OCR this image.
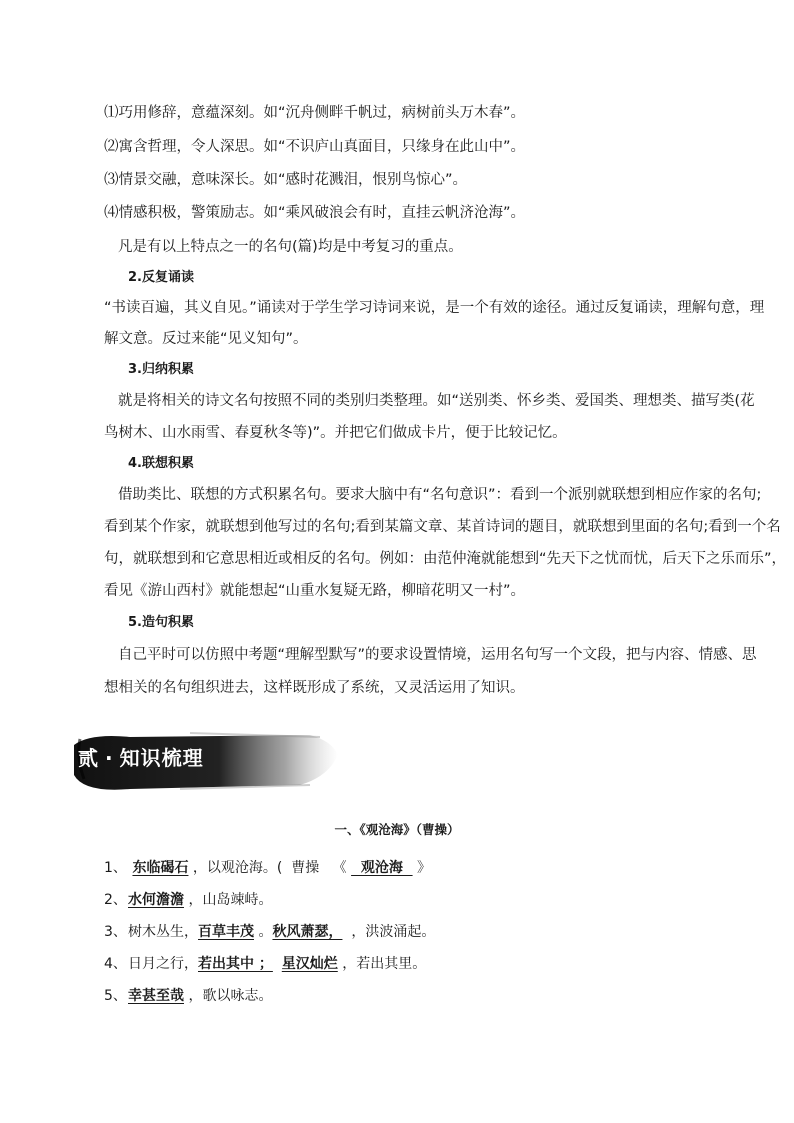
⑴巧用修辞，意蕴深刻。如“沉舟侧畔千帆过，病树前头万木春”。
⑵寓含哲理，令人深思。如“不识庐山真面目，只缘身在此山中”。
⑶情景交融，意味深长。如“感时花溅泪，恨别鸟惊心”。
⑷情感积极，警策励志。如“乘风破浪会有时，直挂云帆济沧海”。
凡是有以上特点之一的名句(篇)均是中考复习的重点。
2.反复诵读
“书读百遍，其义自见。”诵读对于学生学习诗词来说，是一个有效的途径。通过反复诵读，理解句意，理
解文意。反过来能“见义知句”。
3.归纳积累
就是将相关的诗文名句按照不同的类别归类整理。如“送别类、怀乡类、爱国类、理想类、描写类(花
鸟树木、山水雨雪、春夏秋冬等)”。并把它们做成卡片，便于比较记忆。
4.联想积累
借助类比、联想的方式积累名句。要求大脑中有“名句意识”：看到一个派别就联想到相应作家的名句;
看到某个作家，就联想到他写过的名句;看到某篇文章、某首诗词的题目，就联想到里面的名句;看到一个名
句，就联想到和它意思相近或相反的名句。例如：由范仲淹就能想到“先天下之忧而忧，后天下之乐而乐”，
看见《游山西村》就能想起“山重水复疑无路，柳暗花明又一村”。
5.造句积累
自己平时可以仿照中考题“理解型默写”的要求设置情境，运用名句写一个文段，把与内容、情感、思
想相关的名句组织进去，这样既形成了系统，又灵活运用了知识。
贰 · 知识梳理
一、《观沧海》（曹操）
1、 东临碣石 ，以观沧海。(  曹操   《   观沧海   》
2、水何澹澹 ，山岛竦峙。
3、树木丛生，百草丰茂 。秋风萧瑟，  ，洪波涌起。
4、日月之行，若出其中 ； 星汉灿烂 ，若出其里。
5、幸甚至哉 ，歌以咏志。
